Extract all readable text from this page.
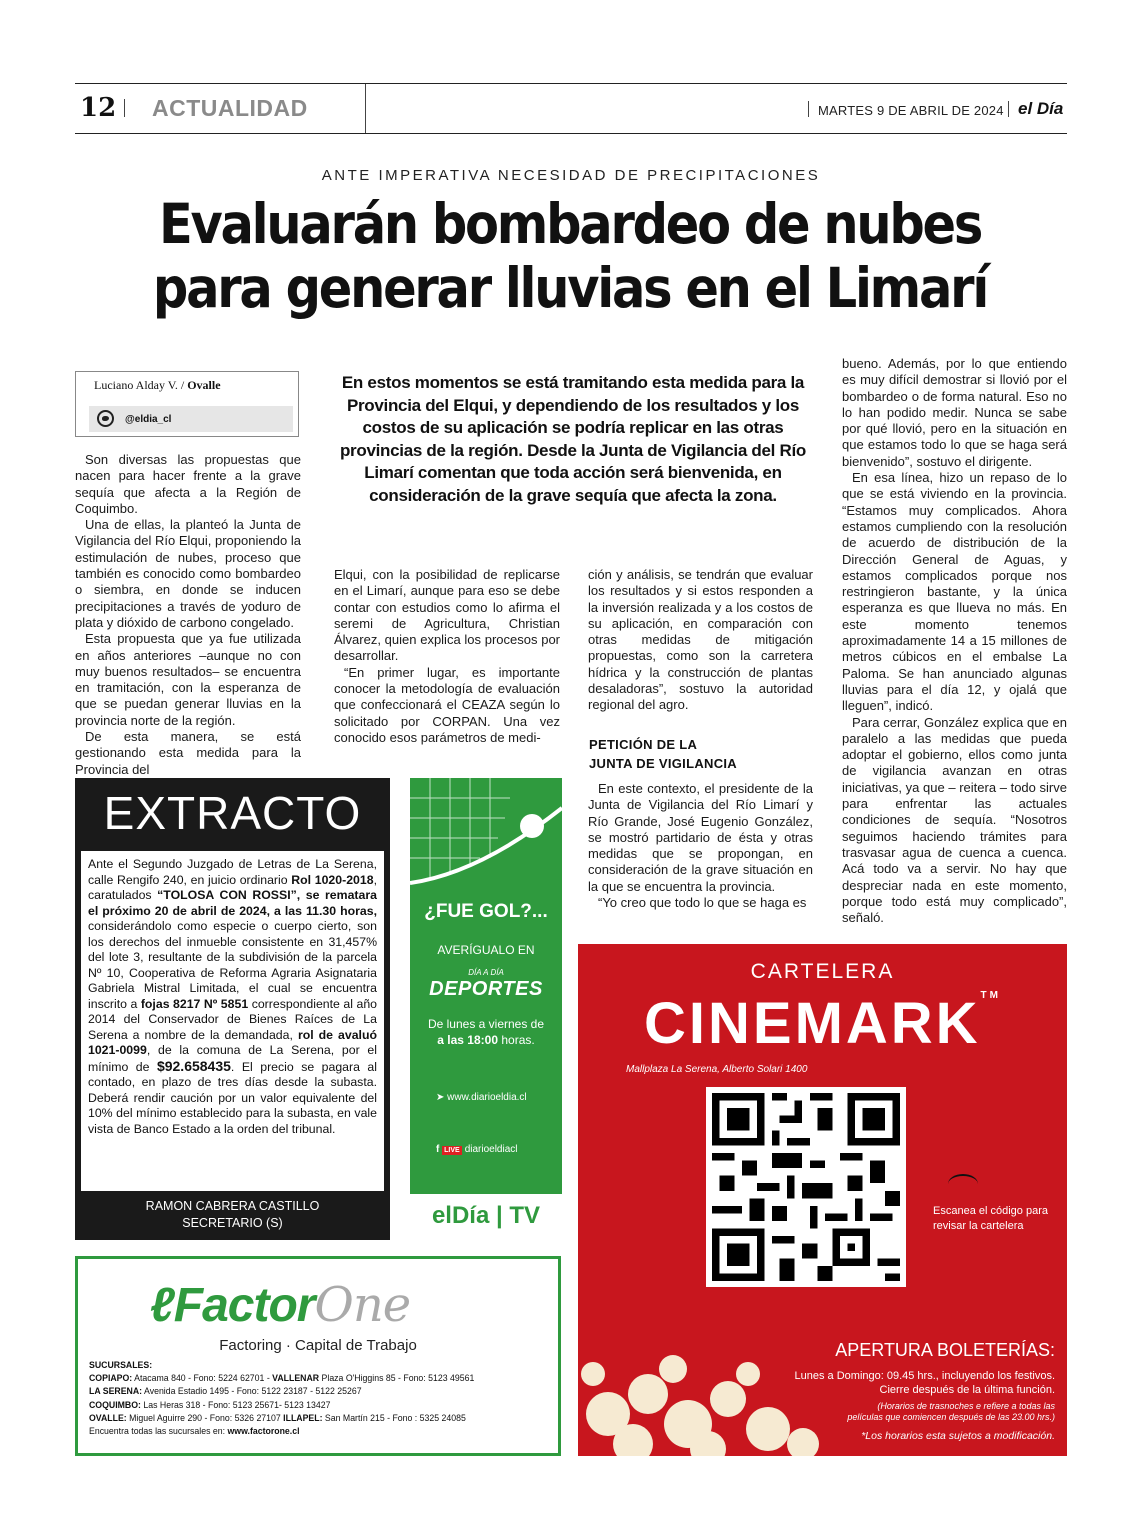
12 ACTUALIDAD	MARTES 9 DE ABRIL DE 2024 el Día
ANTE IMPERATIVA NECESIDAD DE PRECIPITACIONES
Evaluarán bombardeo de nubes para generar lluvias en el Limarí
Luciano Alday V. / Ovalle
@eldia_cl
En estos momentos se está tramitando esta medida para la Provincia del Elqui, y dependiendo de los resultados y los costos de su aplicación se podría replicar en las otras provincias de la región. Desde la Junta de Vigilancia del Río Limarí comentan que toda acción será bienvenida, en consideración de la grave sequía que afecta la zona.

Son diversas las propuestas que nacen para hacer frente a la grave sequía que afecta a la Región de Coquimbo.

Una de ellas, la planteó la Junta de Vigilancia del Río Elqui, proponiendo la estimulación de nubes, proceso que también es conocido como bombardeo o siembra, en donde se inducen precipitaciones a través de yoduro de plata y dióxido de carbono congelado.

Esta propuesta que ya fue utilizada en años anteriores –aunque no con muy buenos resultados– se encuentra en tramitación, con la esperanza de que se puedan generar lluvias en la provincia norte de la región.

De esta manera, se está gestionando esta medida para la Provincia del

Elqui, con la posibilidad de replicarse en el Limarí, aunque para eso se debe contar con estudios como lo afirma el seremi de Agricultura, Christian Álvarez, quien explica los procesos por desarrollar.

“En primer lugar, es importante conocer la metodología de evaluación que confeccionará el CEAZA según lo solicitado por CORPAN. Una vez conocido esos parámetros de medi-

ción y análisis, se tendrán que evaluar los resultados y si estos responden a la inversión realizada y a los costos de su aplicación, en comparación con otras medidas de mitigación propuestas, como son la carretera hídrica y la construcción de plantas desaladoras”, sostuvo la autoridad regional del agro.

PETICIÓN DE LA
JUNTA DE VIGILANCIA

En este contexto, el presidente de la Junta de Vigilancia del Río Limarí y Río Grande, José Eugenio González, se mostró partidario de ésta y otras medidas que se propongan, en consideración de la grave situación en la que se encuentra la provincia.

“Yo creo que todo lo que se haga es

bueno. Además, por lo que entiendo es muy difícil demostrar si llovió por el bombardeo o de forma natural. Eso no lo han podido medir. Nunca se sabe por qué llovió, pero en la situación en que estamos todo lo que se haga será bienvenido”, sostuvo el dirigente.

En esa línea, hizo un repaso de lo que se está viviendo en la provincia. “Estamos muy complicados. Ahora estamos cumpliendo con la resolución de acuerdo de distribución de la Dirección General de Aguas, y estamos complicados porque nos restringieron bastante, y la única esperanza es que llueva no más. En este momento tenemos aproximadamente 14 a 15 millones de metros cúbicos en el embalse La Paloma. Se han anunciado algunas lluvias para el día 12, y ojalá que lleguen”, indicó.

Para cerrar, González explica que en paralelo a las medidas que pueda adoptar el gobierno, ellos como junta de vigilancia avanzan en otras iniciativas, ya que – reitera – todo sirve para enfrentar las actuales condiciones de sequía. “Nosotros seguimos haciendo trámites para trasvasar agua de cuenca a cuenca. Acá todo va a servir. No hay que despreciar nada en este momento, porque todo está muy complicado”, señaló.

EXTRACTO
Ante el Segundo Juzgado de Letras de La Serena, calle Rengifo 240, en juicio ordinario Rol 1020-2018, caratulados “TOLOSA CON ROSSI”, se rematara el próximo 20 de abril de 2024, a las 11.30 horas, considerándolo como especie o cuerpo cierto, son los derechos del inmueble consistente en 31,457% del lote 3, resultante de la subdivisión de la parcela Nº 10, Cooperativa de Reforma Agraria Asignataria Gabriela Mistral Limitada, el cual se encuentra inscrito a fojas 8217 Nº 5851 correspondiente al año 2014 del Conservador de Bienes Raíces de La Serena a nombre de la demandada, rol de avaluó 1021-0099, de la comuna de La Serena, por el mínimo de $92.658435. El precio se pagara al contado, en plazo de tres días desde la subasta. Deberá rendir caución por un valor equivalente del 10% del mínimo establecido para la subasta, en vale vista de Banco Estado a la orden del tribunal.
RAMON CABRERA CASTILLO
SECRETARIO (S)
¿FUE GOL?...
AVERÍGUALO EN
DÍA A DÍA
DEPORTES
De lunes a viernes de
a las 18:00 horas.
➤ www.diarioeldia.cl
f LIVE diarioeldiacl
elDía | TV
CARTELERA
CINEMARK™
Mallplaza La Serena, Alberto Solari 1400
Escanea el código para
revisar la cartelera
APERTURA BOLETERÍAS:
Lunes a Domingo: 09.45 hrs., incluyendo los festivos.
Cierre después de la última función.
(Horarios de trasnoches e refiere a todas las
películas que comiencen después de las 23.00 hrs.)
*Los horarios esta sujetos a modificación.
ℓFactorOne
Factoring · Capital de Trabajo
SUCURSALES:
COPIAPO: Atacama 840 - Fono: 5224 62701 - VALLENAR Plaza O'Higgins 85 - Fono: 5123 49561
LA SERENA: Avenida Estadio 1495 - Fono: 5122 23187 - 5122 25267
COQUIMBO: Las Heras 318 - Fono: 5123 25671- 5123 13427
OVALLE: Miguel Aguirre 290 - Fono: 5326 27107 ILLAPEL: San Martín 215 - Fono : 5325 24085
Encuentra todas las sucursales en: www.factorone.cl
